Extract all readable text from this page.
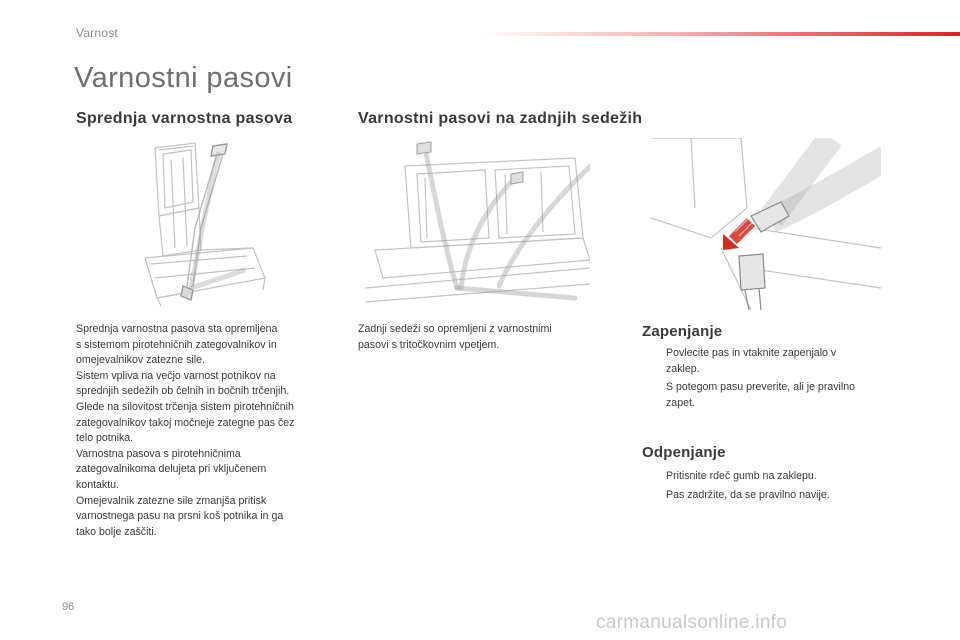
Varnost
Varnostni pasovi
Sprednja varnostna pasova	Varnostni pasovi na zadnjih sedežih
Sprednja varnostna pasova sta opremljena
s sistemom pirotehničnih zategovalnikov in
omejevalnikov zatezne sile.
Sistem vpliva na večjo varnost potnikov na
sprednjih sedežih ob čelnih in bočnih trčenjih.
Glede na silovitost trčenja sistem pirotehničnih
zategovalnikov takoj močneje zategne pas čez
telo potnika.
Varnostna pasova s pirotehničnima
zategovalnikoma delujeta pri vključenem
kontaktu.
Omejevalnik zatezne sile zmanjša pritisk
varnostnega pasu na prsni koš potnika in ga
tako bolje zaščiti.
Zadnji sedeži so opremljeni z varnostnimi
pasovi s tritočkovnim vpetjem.
Zapenjanje
Povlecite pas in vtaknite zapenjalo v
zaklep.
S potegom pasu preverite, ali je pravilno
zapet.
Odpenjanje
Pritisnite rdeč gumb na zaklepu.
Pas zadržite, da se pravilno navije.
96
carmanualsonline.info
